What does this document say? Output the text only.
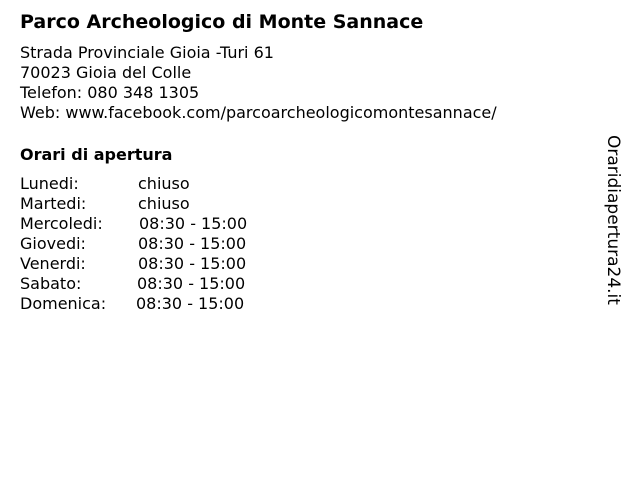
Parco Archeologico di Monte Sannace
Strada Provinciale Gioia -Turi 61
70023 Gioia del Colle
Telefon: 080 348 1305
Web: www.facebook.com/parcoarcheologicomontesannace/
Orari di apertura
Lunedi:	chiuso
Martedi:	chiuso
Mercoledi: 08:30 - 15:00
Giovedi:	08:30 - 15:00
Venerdi:	08:30 - 15:00
Sabato:	08:30 - 15:00
Domenica: 08:30 - 15:00	Oraridiapertura24.it
